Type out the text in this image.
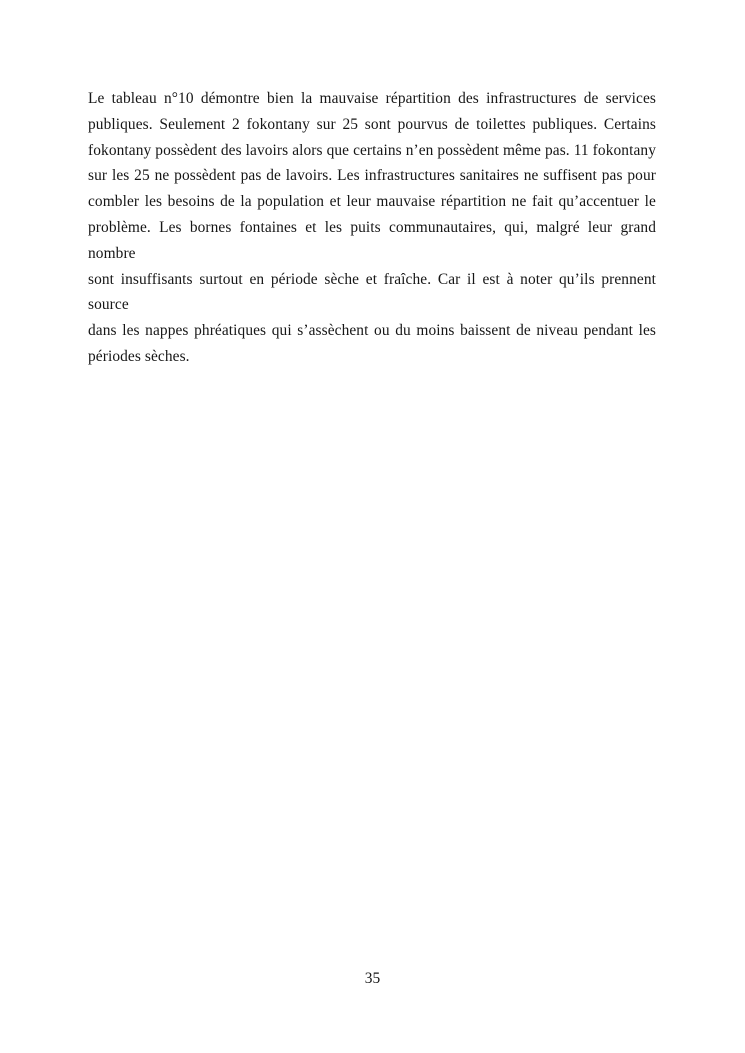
Le tableau n°10 démontre bien la mauvaise répartition des infrastructures de services
publiques. Seulement 2 fokontany sur 25 sont pourvus de toilettes publiques. Certains
fokontany possèdent des lavoirs alors que certains n’en possèdent même pas. 11 fokontany
sur les 25 ne possèdent pas de lavoirs. Les infrastructures sanitaires ne suffisent pas pour
combler les besoins de la population et leur mauvaise répartition ne fait qu’accentuer le
problème. Les bornes fontaines et les puits communautaires, qui, malgré leur grand nombre
sont insuffisants surtout en période sèche et fraîche. Car il est à noter qu’ils prennent source
dans les nappes phréatiques qui s’assèchent ou du moins baissent de niveau pendant les
périodes sèches.
35
